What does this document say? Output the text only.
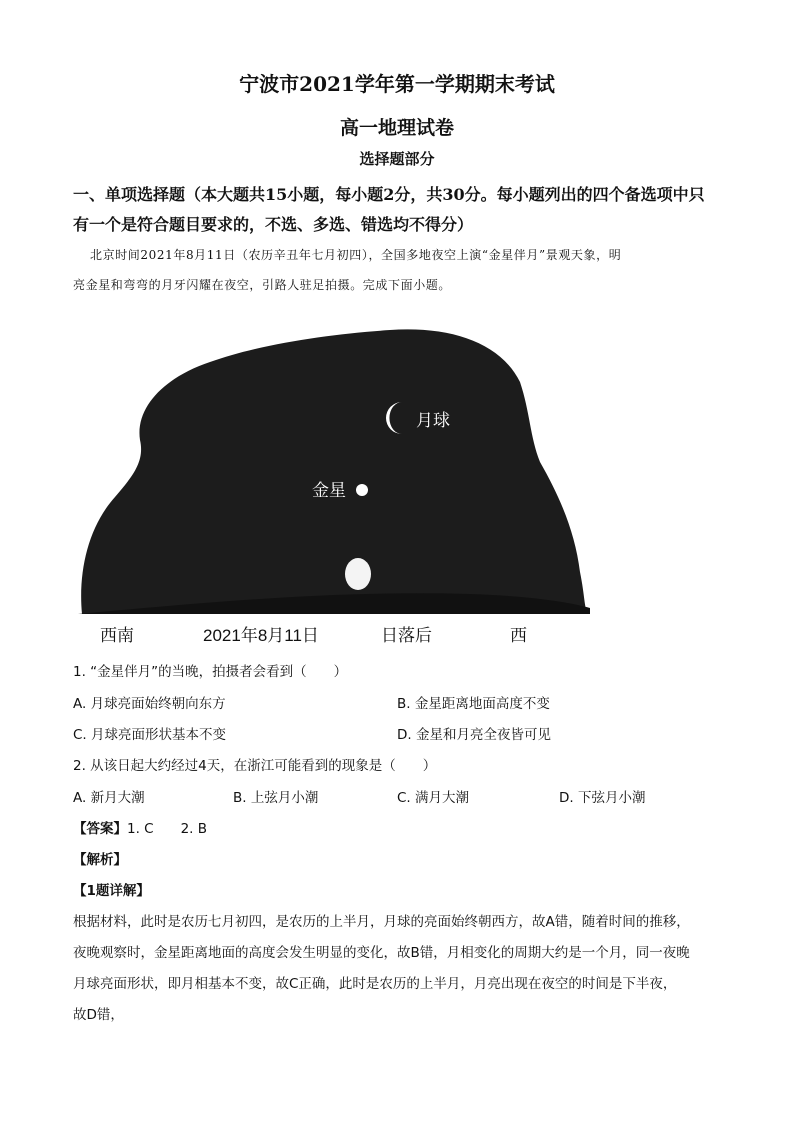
宁波市2021学年第一学期期末考试
高一地理试卷
选择题部分
一、单项选择题（本大题共15小题，每小题2分，共30分。每小题列出的四个备选项中只
有一个是符合题目要求的，不选、多选、错选均不得分）
北京时间2021年8月11日（农历辛丑年七月初四），全国多地夜空上演“金星伴月”景观天象，明
亮金星和弯弯的月牙闪耀在夜空，引路人驻足拍摄。完成下面小题。
月球
金星
西南	2021年8月11日	日落后	西
1. “金星伴月”的当晚，拍摄者会看到（　　）
A. 月球亮面始终朝向东方	B. 金星距离地面高度不变
C. 月球亮面形状基本不变	D. 金星和月亮全夜皆可见
2. 从该日起大约经过4天，在浙江可能看到的现象是（　　）
A. 新月大潮	B. 上弦月小潮	C. 满月大潮	D. 下弦月小潮
【答案】1. C　　2. B
【解析】
【1题详解】
根据材料，此时是农历七月初四，是农历的上半月，月球的亮面始终朝西方，故A错，随着时间的推移，
夜晚观察时，金星距离地面的高度会发生明显的变化，故B错，月相变化的周期大约是一个月，同一夜晚
月球亮面形状，即月相基本不变，故C正确，此时是农历的上半月，月亮出现在夜空的时间是下半夜，
故D错，
